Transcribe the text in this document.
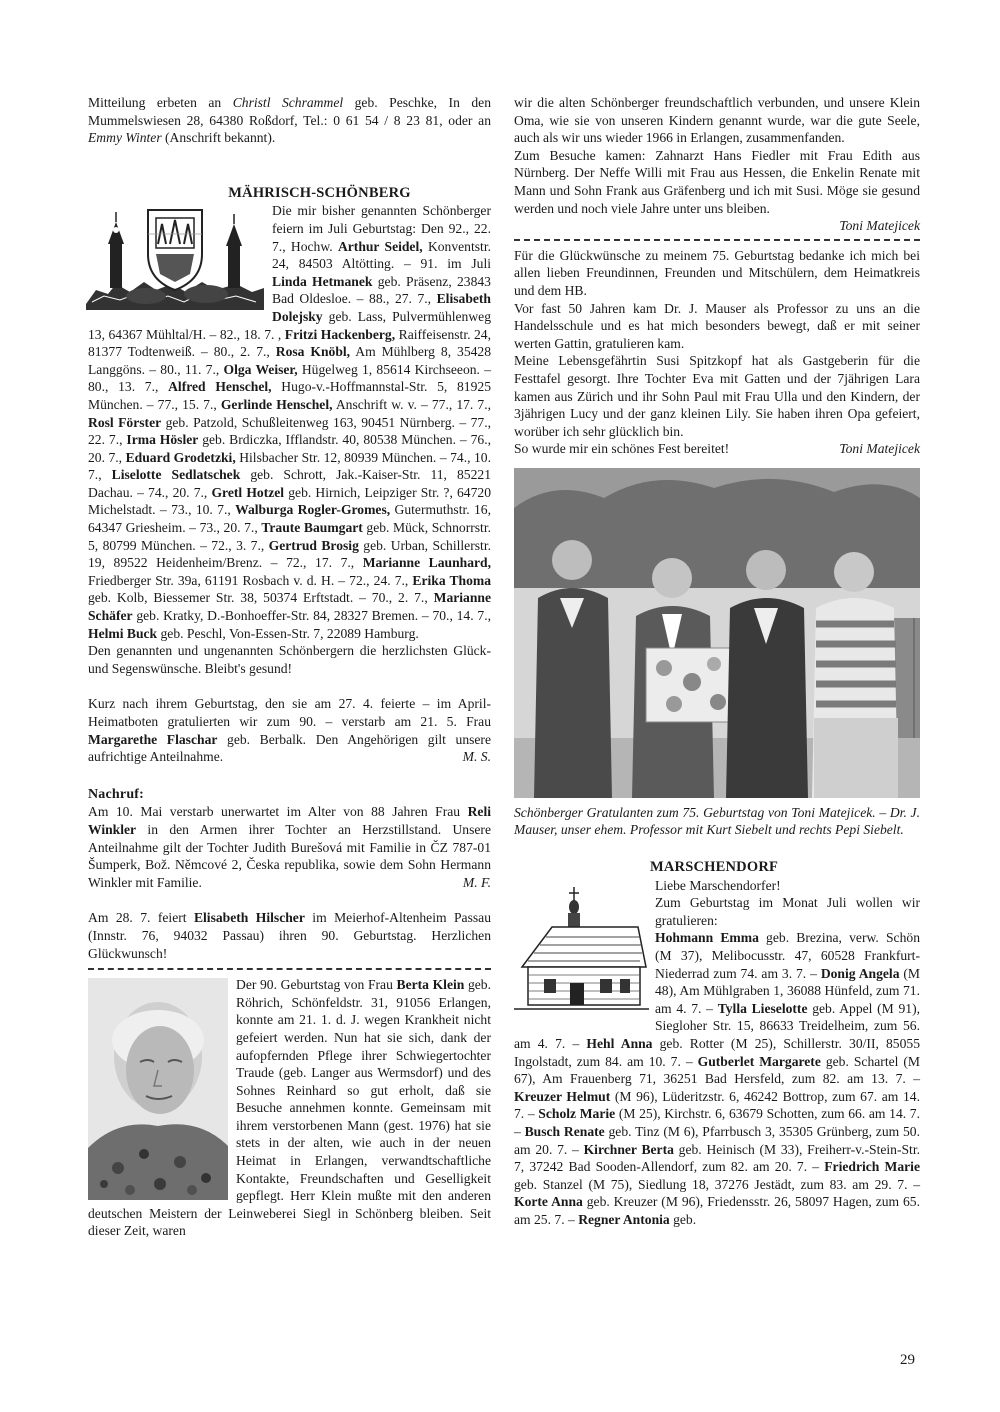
Mitteilung erbeten an Christl Schrammel geb. Peschke, In den Mummelswiesen 28, 64380 Roßdorf, Tel.: 0 61 54 / 8 23 81, oder an Emmy Winter (Anschrift bekannt).

MÄHRISCH-SCHÖNBERG

Die mir bisher genannten Schönberger feiern im Juli Geburtstag: Den 92., 22. 7., Hochw. Arthur Seidel, Konventstr. 24, 84503 Altötting. – 91. im Juli Linda Hetmanek geb. Präsenz, 23843 Bad Oldesloe. – 88., 27. 7., Elisabeth Dolejsky geb. Lass, Pulvermühlenweg 13, 64367 Mühltal/H. – 82., 18. 7. , Fritzi Hackenberg, Raiffeisenstr. 24, 81377 Todtenweiß. – 80., 2. 7., Rosa Knöbl, Am Mühlberg 8, 35428 Langgöns. – 80., 11. 7., Olga Weiser, Hügelweg 1, 85614 Kirchseeon. – 80., 13. 7., Alfred Henschel, Hugo-v.-Hoffmannstal-Str. 5, 81925 München. – 77., 15. 7., Gerlinde Henschel, Anschrift w. v. – 77., 17. 7., Rosl Förster geb. Patzold, Schußleitenweg 163, 90451 Nürnberg. – 77., 22. 7., Irma Hösler geb. Brdiczka, Ifflandstr. 40, 80538 München. – 76., 20. 7., Eduard Grodetzki, Hilsbacher Str. 12, 80939 München. – 74., 10. 7., Liselotte Sedlatschek geb. Schrott, Jak.-Kaiser-Str. 11, 85221 Dachau. – 74., 20. 7., Gretl Hotzel geb. Hirnich, Leipziger Str. ?, 64720 Michelstadt. – 73., 10. 7., Walburga Rogler-Gromes, Gutermuthstr. 16, 64347 Griesheim. – 73., 20. 7., Traute Baumgart geb. Mück, Schnorrstr. 5, 80799 München. – 72., 3. 7., Gertrud Brosig geb. Urban, Schillerstr. 19, 89522 Heidenheim/Brenz. – 72., 17. 7., Marianne Launhard, Friedberger Str. 39a, 61191 Rosbach v. d. H. – 72., 24. 7., Erika Thoma geb. Kolb, Biessemer Str. 38, 50374 Erftstadt. – 70., 2. 7., Marianne Schäfer geb. Kratky, D.-Bonhoeffer-Str. 84, 28327 Bremen. – 70., 14. 7., Helmi Buck geb. Peschl, Von-Essen-Str. 7, 22089 Hamburg.

Den genannten und ungenannten Schönbergern die herzlichsten Glück- und Segenswünsche. Bleibt's gesund!

Kurz nach ihrem Geburtstag, den sie am 27. 4. feierte – im April-Heimatboten gratulierten wir zum 90. – verstarb am 21. 5. Frau Margarethe Flaschar geb. Berbalk. Den Angehörigen gilt unsere aufrichtige Anteilnahme.	M. S.

Nachruf:

Am 10. Mai verstarb unerwartet im Alter von 88 Jahren Frau Reli Winkler in den Armen ihrer Tochter an Herzstillstand. Unsere Anteilnahme gilt der Tochter Judith Burešová mit Familie in ČZ 787-01 Šumperk, Bož. Němcové 2, Česka republika, sowie dem Sohn Hermann Winkler mit Familie.	M. F.

Am 28. 7. feiert Elisabeth Hilscher im Meierhof-Altenheim Passau (Innstr. 76, 94032 Passau) ihren 90. Geburtstag. Herzlichen Glückwunsch!

Der 90. Geburtstag von Frau Berta Klein geb. Röhrich, Schönfeldstr. 31, 91056 Erlangen, konnte am 21. 1. d. J. wegen Krankheit nicht gefeiert werden. Nun hat sie sich, dank der aufopfernden Pflege ihrer Schwiegertochter Traude (geb. Langer aus Wermsdorf) und des Sohnes Reinhard so gut erholt, daß sie Besuche annehmen konnte. Gemeinsam mit ihrem verstorbenen Mann (gest. 1976) hat sie stets in der alten, wie auch in der neuen Heimat in Erlangen, verwandtschaftliche Kontakte, Freundschaften und Geselligkeit gepflegt. Herr Klein mußte mit den anderen deutschen Meistern der Leinweberei Siegl in Schönberg bleiben. Seit dieser Zeit, waren

wir die alten Schönberger freundschaftlich verbunden, und unsere Klein Oma, wie sie von unseren Kindern genannt wurde, war die gute Seele, auch als wir uns wieder 1966 in Erlangen, zusammenfanden.

Zum Besuche kamen: Zahnarzt Hans Fiedler mit Frau Edith aus Nürnberg. Der Neffe Willi mit Frau aus Hessen, die Enkelin Renate mit Mann und Sohn Frank aus Gräfenberg und ich mit Susi. Möge sie gesund werden und noch viele Jahre unter uns bleiben.

Toni Matejicek

Für die Glückwünsche zu meinem 75. Geburtstag bedanke ich mich bei allen lieben Freundinnen, Freunden und Mitschülern, dem Heimatkreis und dem HB.

Vor fast 50 Jahren kam Dr. J. Mauser als Professor zu uns an die Handelsschule und es hat mich besonders bewegt, daß er mit seiner werten Gattin, gratulieren kam.

Meine Lebensgefährtin Susi Spitzkopf hat als Gastgeberin für die Festtafel gesorgt. Ihre Tochter Eva mit Gatten und der 7jährigen Lara kamen aus Zürich und ihr Sohn Paul mit Frau Ulla und den Kindern, der 3jährigen Lucy und der ganz kleinen Lily. Sie haben ihren Opa gefeiert, worüber ich sehr glücklich bin.

So wurde mir ein schönes Fest bereitet!	Toni Matejicek

Schönberger Gratulanten zum 75. Geburtstag von Toni Matejicek. – Dr. J. Mauser, unser ehem. Professor mit Kurt Siebelt und rechts Pepi Siebelt.

MARSCHENDORF

Liebe Marschendorfer!

Zum Geburtstag im Monat Juli wollen wir gratulieren:

Hohmann Emma geb. Brezina, verw. Schön (M 37), Melibocusstr. 47, 60528 Frankfurt-Niederrad zum 74. am 3. 7. – Donig Angela (M 48), Am Mühlgraben 1, 36088 Hünfeld, zum 71. am 4. 7. – Tylla Lieselotte geb. Appel (M 91), Siegloher Str. 15, 86633 Treidelheim, zum 56. am 4. 7. – Hehl Anna geb. Rotter (M 25), Schillerstr. 30/II, 85055 Ingolstadt, zum 84. am 10. 7. – Gutberlet Margarete geb. Schartel (M 67), Am Frauenberg 71, 36251 Bad Hersfeld, zum 82. am 13. 7. – Kreuzer Helmut (M 96), Lüderitzstr. 6, 46242 Bottrop, zum 67. am 14. 7. – Scholz Marie (M 25), Kirchstr. 6, 63679 Schotten, zum 66. am 14. 7. – Busch Renate geb. Tinz (M 6), Pfarrbusch 3, 35305 Grünberg, zum 50. am 20. 7. – Kirchner Berta geb. Heinisch (M 33), Freiherr-v.-Stein-Str. 7, 37242 Bad Sooden-Allendorf, zum 82. am 20. 7. – Friedrich Marie geb. Stanzel (M 75), Siedlung 18, 37276 Jestädt, zum 83. am 29. 7. – Korte Anna geb. Kreuzer (M 96), Friedensstr. 26, 58097 Hagen, zum 65. am 25. 7. – Regner Antonia geb.

29
